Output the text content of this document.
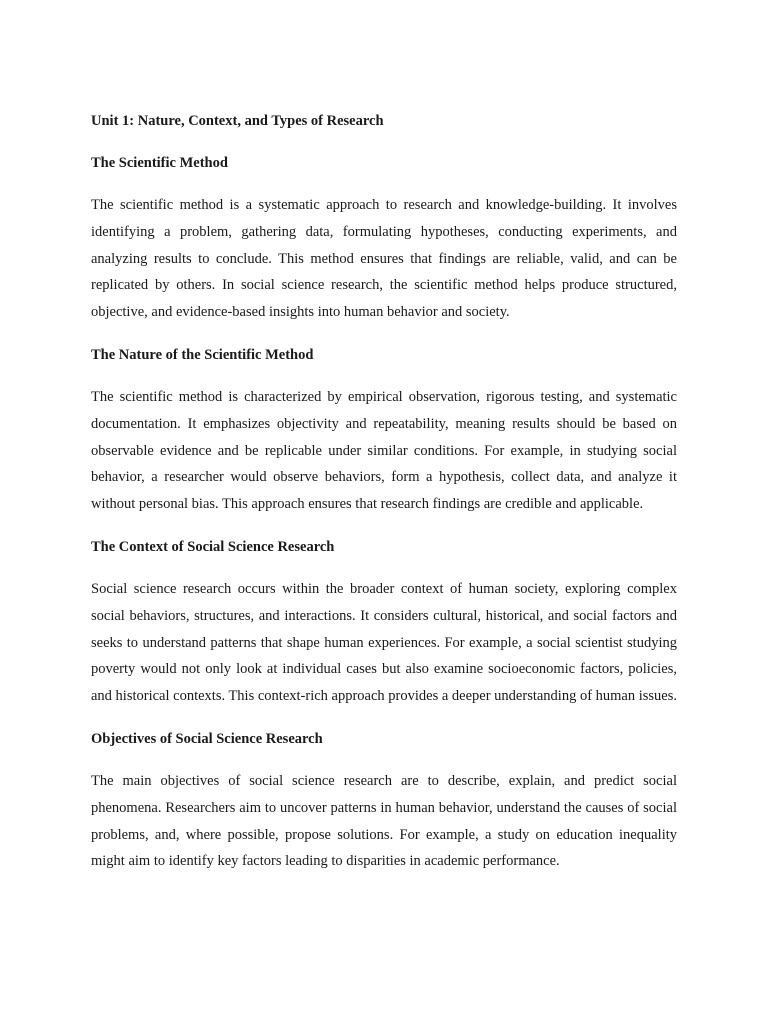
Unit 1: Nature, Context, and Types of Research
The Scientific Method
The scientific method is a systematic approach to research and knowledge-building. It involves identifying a problem, gathering data, formulating hypotheses, conducting experiments, and analyzing results to conclude. This method ensures that findings are reliable, valid, and can be replicated by others. In social science research, the scientific method helps produce structured, objective, and evidence-based insights into human behavior and society.
The Nature of the Scientific Method
The scientific method is characterized by empirical observation, rigorous testing, and systematic documentation. It emphasizes objectivity and repeatability, meaning results should be based on observable evidence and be replicable under similar conditions. For example, in studying social behavior, a researcher would observe behaviors, form a hypothesis, collect data, and analyze it without personal bias. This approach ensures that research findings are credible and applicable.
The Context of Social Science Research
Social science research occurs within the broader context of human society, exploring complex social behaviors, structures, and interactions. It considers cultural, historical, and social factors and seeks to understand patterns that shape human experiences. For example, a social scientist studying poverty would not only look at individual cases but also examine socioeconomic factors, policies, and historical contexts. This context-rich approach provides a deeper understanding of human issues.
Objectives of Social Science Research
The main objectives of social science research are to describe, explain, and predict social phenomena. Researchers aim to uncover patterns in human behavior, understand the causes of social problems, and, where possible, propose solutions. For example, a study on education inequality might aim to identify key factors leading to disparities in academic performance.
